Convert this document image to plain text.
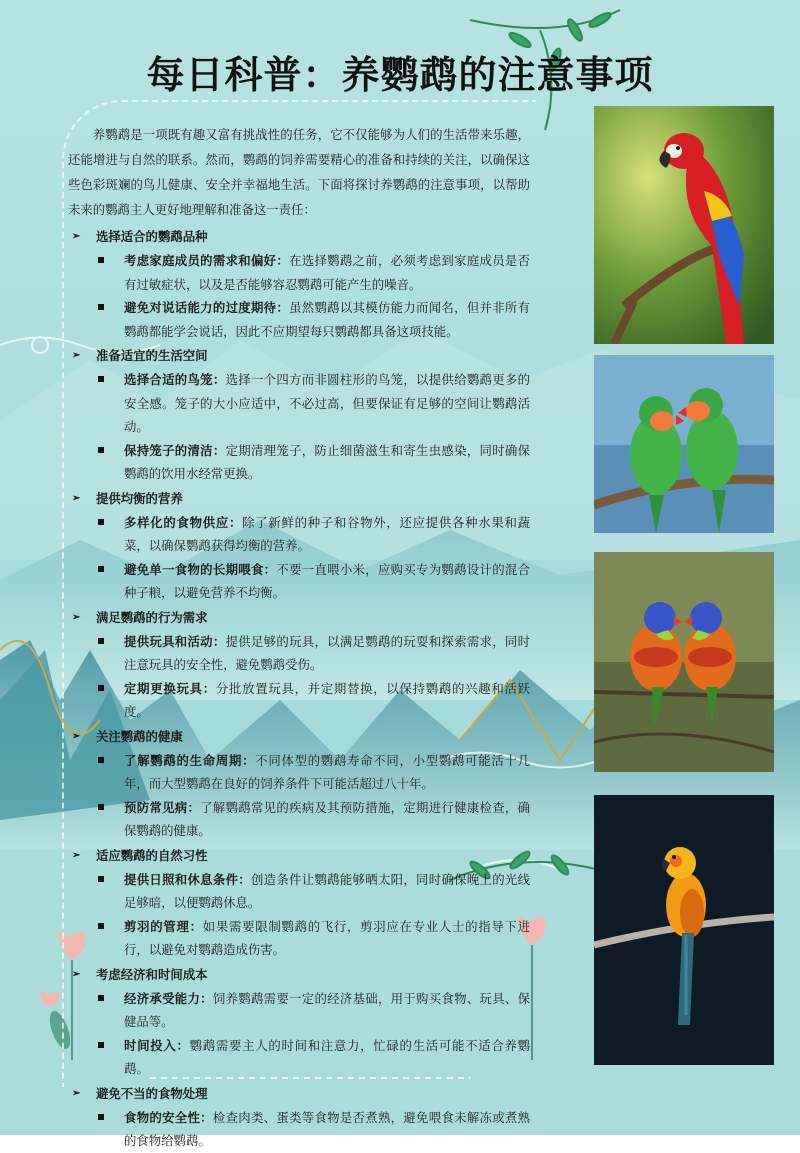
每日科普：养鹦鹉的注意事项

养鹦鹉是一项既有趣又富有挑战性的任务，它不仅能够为人们的生活带来乐趣，还能增进与自然的联系。然而，鹦鹉的饲养需要精心的准备和持续的关注，以确保这些色彩斑斓的鸟儿健康、安全并幸福地生活。下面将探讨养鹦鹉的注意事项，以帮助未来的鹦鹉主人更好地理解和准备这一责任：

➢ 选择适合的鹦鹉品种
考虑家庭成员的需求和偏好：在选择鹦鹉之前，必须考虑到家庭成员是否有过敏症状，以及是否能够容忍鹦鹉可能产生的噪音。
避免对说话能力的过度期待：虽然鹦鹉以其模仿能力而闻名，但并非所有鹦鹉都能学会说话，因此不应期望每只鹦鹉都具备这项技能。
➢ 准备适宜的生活空间
选择合适的鸟笼：选择一个四方而非圆柱形的鸟笼，以提供给鹦鹉更多的安全感。笼子的大小应适中，不必过高，但要保证有足够的空间让鹦鹉活动。
保持笼子的清洁：定期清理笼子，防止细菌滋生和寄生虫感染，同时确保鹦鹉的饮用水经常更换。
➢ 提供均衡的营养
多样化的食物供应：除了新鲜的种子和谷物外，还应提供各种水果和蔬菜，以确保鹦鹉获得均衡的营养。
避免单一食物的长期喂食：不要一直喂小米，应购买专为鹦鹉设计的混合种子粮，以避免营养不均衡。
➢ 满足鹦鹉的行为需求
提供玩具和活动：提供足够的玩具，以满足鹦鹉的玩耍和探索需求，同时注意玩具的安全性，避免鹦鹉受伤。
定期更换玩具：分批放置玩具，并定期替换，以保持鹦鹉的兴趣和活跃度。
➢ 关注鹦鹉的健康
了解鹦鹉的生命周期：不同体型的鹦鹉寿命不同，小型鹦鹉可能活十几年，而大型鹦鹉在良好的饲养条件下可能活超过八十年。
预防常见病：了解鹦鹉常见的疾病及其预防措施，定期进行健康检查，确保鹦鹉的健康。
➢ 适应鹦鹉的自然习性
提供日照和休息条件：创造条件让鹦鹉能够晒太阳，同时确保晚上的光线足够暗，以便鹦鹉休息。
剪羽的管理：如果需要限制鹦鹉的飞行，剪羽应在专业人士的指导下进行，以避免对鹦鹉造成伤害。
➢ 考虑经济和时间成本
经济承受能力：饲养鹦鹉需要一定的经济基础，用于购买食物、玩具、保健品等。
时间投入：鹦鹉需要主人的时间和注意力，忙碌的生活可能不适合养鹦鹉。
➢ 避免不当的食物处理
食物的安全性：检查肉类、蛋类等食物是否煮熟，避免喂食未解冻或煮熟的食物给鹦鹉。
